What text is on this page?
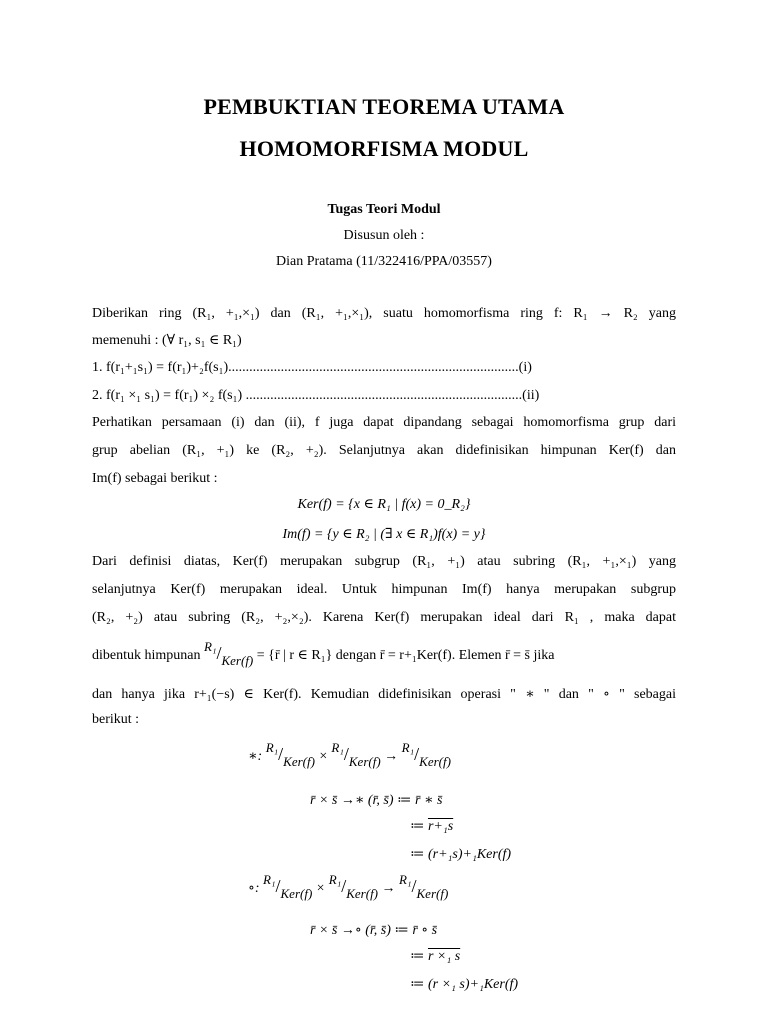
PEMBUKTIAN TEOREMA UTAMA
HOMOMORFISMA MODUL
Tugas Teori Modul
Disusun oleh :
Dian Pratama (11/322416/PPA/03557)
Diberikan ring (R₁, +₁,×₁) dan (R₁, +₁,×₁), suatu homomorfisma ring f: R₁ → R₂ yang
memenuhi : (∀ r₁, s₁ ∈ R₁)
1. f(r₁+₁s₁) = f(r₁)+₂f(s₁)...................................................................................(i)
2. f(r₁ ×₁ s₁) = f(r₁) ×₂ f(s₁) ...............................................................................(ii)
Perhatikan persamaan (i) dan (ii), f juga dapat dipandang sebagai homomorfisma grup dari
grup abelian (R₁, +₁) ke (R₂, +₂). Selanjutnya akan didefinisikan himpunan Ker(f) dan
Im(f) sebagai berikut :
Ker(f) = {x ∈ R₁ | f(x) = 0_R₂}
Im(f) = {y ∈ R₂ | (∃ x ∈ R₁)f(x) = y}
Dari definisi diatas, Ker(f) merupakan subgrup (R₁, +₁) atau subring (R₁, +₁,×₁) yang
selanjutnya Ker(f) merupakan ideal. Untuk himpunan Im(f) hanya merupakan subgrup
(R₂, +₂) atau subring (R₂, +₂,×₂). Karena Ker(f) merupakan ideal dari R₁ , maka dapat
dibentuk himpunan R₁/Ker(f) = {r̄ | r ∈ R₁} dengan r̄ = r+₁Ker(f). Elemen r̄ = s̄ jika
dan hanya jika r+₁(−s) ∈ Ker(f). Kemudian didefinisikan operasi " ∗ " dan " ∘ " sebagai
berikut :
∗: R₁/Ker(f) × R₁/Ker(f) → R₁/Ker(f)
r̄ × s̄ →∗ (r̄, s̄) ≔ r̄ ∗ s̄
≔ r+₁s
≔ (r+₁s)+₁Ker(f)
∘: R₁/Ker(f) × R₁/Ker(f) → R₁/Ker(f)
r̄ × s̄ →∘ (r̄, s̄) ≔ r̄ ∘ s̄
≔ r ×₁ s
≔ (r ×₁ s)+₁Ker(f)
